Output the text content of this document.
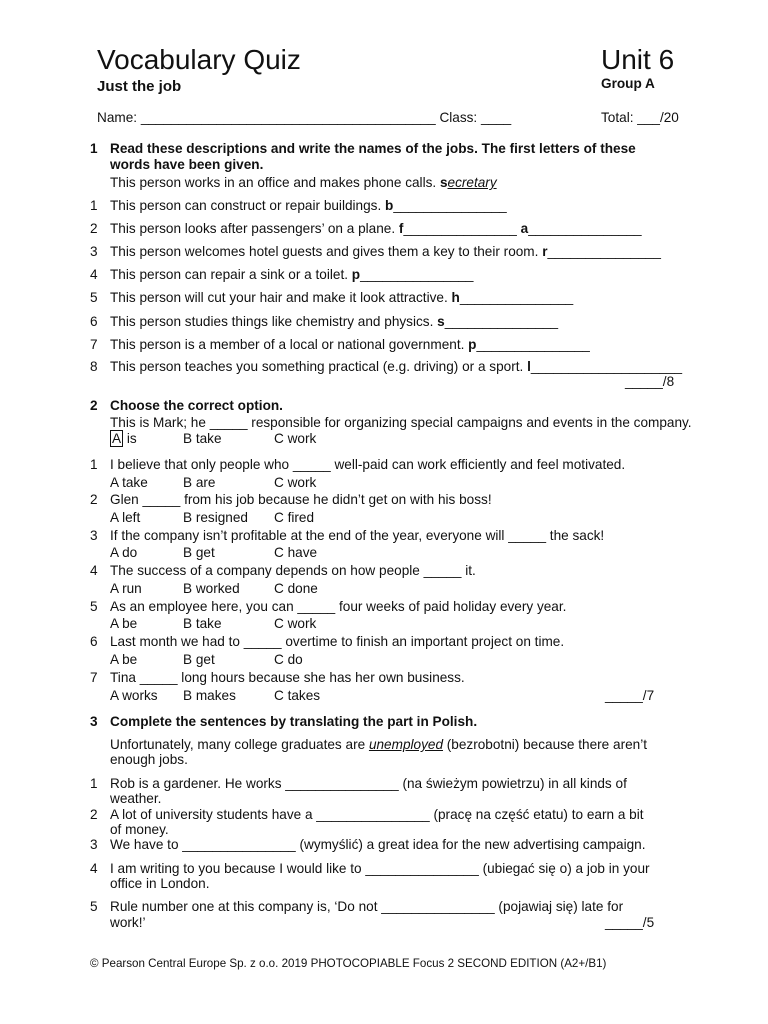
Vocabulary Quiz	Unit 6
Just the job	Group A
Name: _______________________________________ Class: ____	Total: ___/20
1 Read these descriptions and write the names of the jobs. The first letters of these
words have been given.
This person works in an office and makes phone calls. secretary
1 This person can construct or repair buildings. b_______________
2 This person looks after passengers’ on a plane. f_______________ a_______________
3 This person welcomes hotel guests and gives them a key to their room. r_______________
4 This person can repair a sink or a toilet. p_______________
5 This person will cut your hair and make it look attractive. h_______________
6 This person studies things like chemistry and physics. s_______________
7 This person is a member of a local or national government. p_______________
8 This person teaches you something practical (e.g. driving) or a sport. l____________________
_____/8
2 Choose the correct option.
This is Mark; he _____ responsible for organizing special campaigns and events in the company.
A is	B take	C work
1 I believe that only people who _____ well-paid can work efficiently and feel motivated.
A take	B are	C work
2 Glen _____ from his job because he didn’t get on with his boss!
A left	B resigned C fired
3 If the company isn’t profitable at the end of the year, everyone will _____ the sack!
A do	B get	C have
4 The success of a company depends on how people _____ it.
A run	B worked	C done
5 As an employee here, you can _____ four weeks of paid holiday every year.
A be	B take	C work
6 Last month we had to _____ overtime to finish an important project on time.
A be	B get	C do
7 Tina _____ long hours because she has her own business.
A works B makes	C takes	_____/7
3 Complete the sentences by translating the part in Polish.
Unfortunately, many college graduates are unemployed (bezrobotni) because there aren’t
enough jobs.
1 Rob is a gardener. He works _______________ (na świeżym powietrzu) in all kinds of
weather.
2 A lot of university students have a _______________ (pracę na część etatu) to earn a bit
of money.
3 We have to _______________ (wymyślić) a great idea for the new advertising campaign.
4 I am writing to you because I would like to _______________ (ubiegać się o) a job in your
office in London.
5 Rule number one at this company is, ‘Do not _______________ (pojawiaj się) late for
work!’	_____/5
© Pearson Central Europe Sp. z o.o. 2019 PHOTOCOPIABLE Focus 2 SECOND EDITION (A2+/B1)
